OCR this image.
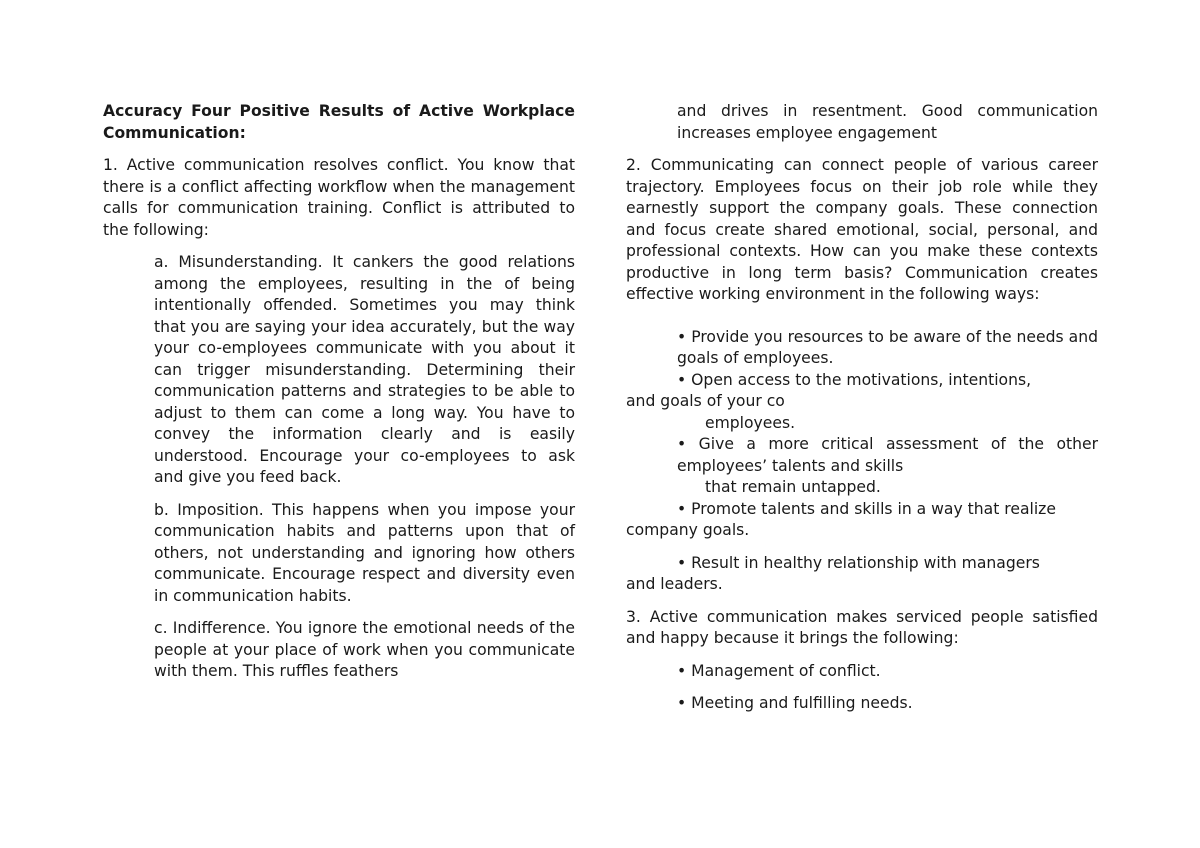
Accuracy Four Positive Results of Active Workplace Communication:

1. Active communication resolves conflict. You know that there is a conflict affecting workflow when the management calls for communication training. Conflict is attributed to the following:

a. Misunderstanding. It cankers the good relations among the employees, resulting in the of being intentionally offended. Sometimes you may think that you are saying your idea accurately, but the way your co-employees communicate with you about it can trigger misunderstanding. Determining their communication patterns and strategies to be able to adjust to them can come a long way. You have to convey the information clearly and is easily understood. Encourage your co-employees to ask and give you feed back.

b. Imposition. This happens when you impose your communication habits and patterns upon that of others, not understanding and ignoring how others communicate. Encourage respect and diversity even in communication habits.

c. Indifference. You ignore the emotional needs of the people at your place of work when you communicate with them. This ruffles feathers

and drives in resentment. Good communication increases employee engagement

2. Communicating can connect people of various career trajectory. Employees focus on their job role while they earnestly support the company goals. These connection and focus create shared emotional, social, personal, and professional contexts. How can you make these contexts productive in long term basis? Communication creates effective working environment in the following ways:

• Provide you resources to be aware of the needs and goals of employees.

• Open access to the motivations, intentions,

and goals of your co

employees.

• Give a more critical assessment of the other employees’ talents and skills

that remain untapped.

• Promote talents and skills in a way that realize

company goals.

• Result in healthy relationship with managers

and leaders.

3. Active communication makes serviced people satisfied and happy because it brings the following:

• Management of conflict.

• Meeting and fulfilling needs.
